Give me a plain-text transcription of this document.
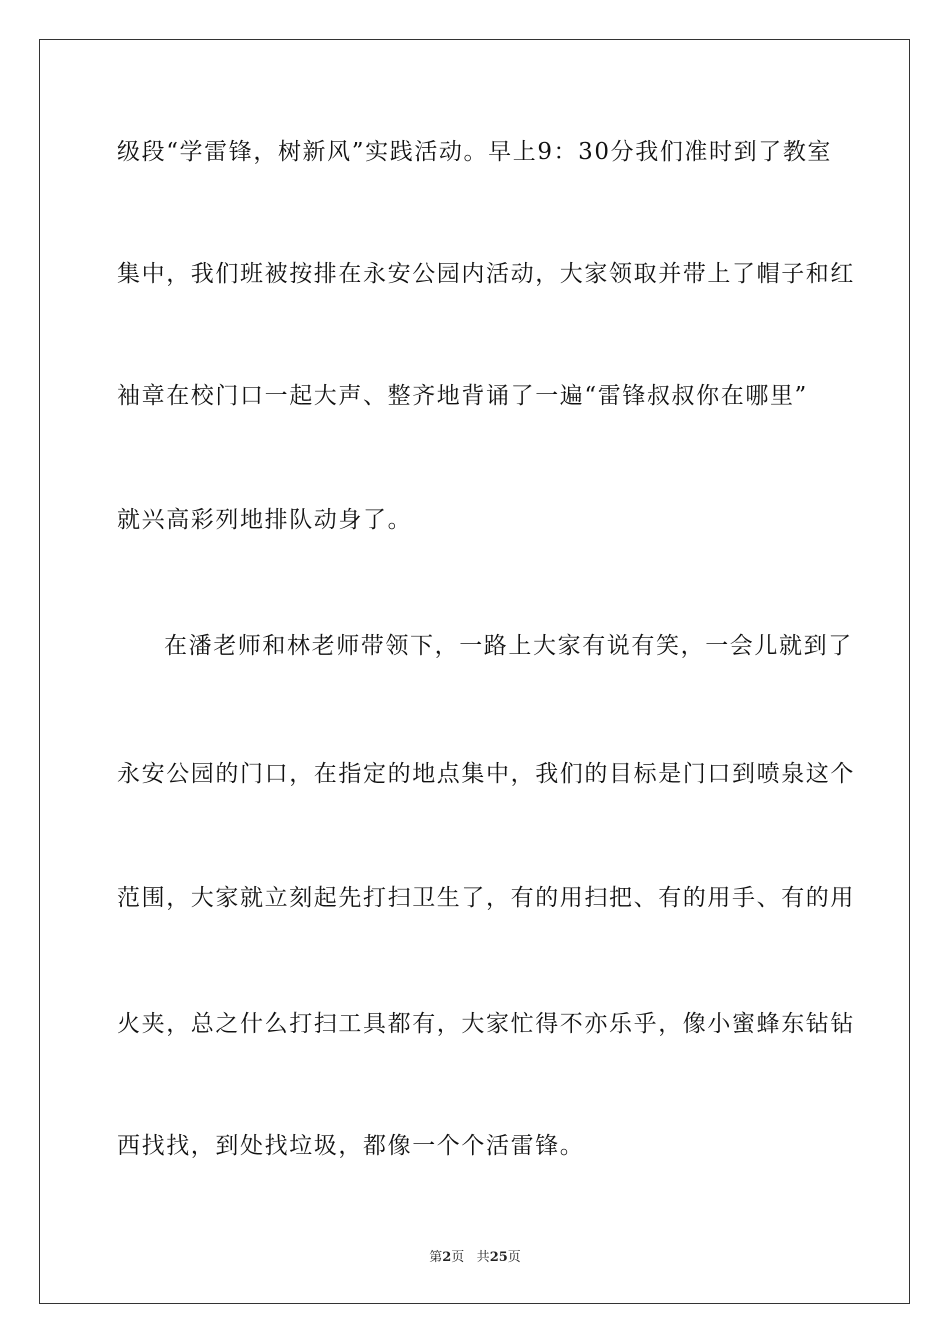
级段“学雷锋，树新风”实践活动。早上9：30分我们准时到了教室
集中，我们班被按排在永安公园内活动，大家领取并带上了帽子和红
袖章在校门口一起大声、整齐地背诵了一遍“雷锋叔叔你在哪里”
就兴高彩列地排队动身了。
在潘老师和林老师带领下，一路上大家有说有笑，一会儿就到了
永安公园的门口，在指定的地点集中，我们的目标是门口到喷泉这个
范围，大家就立刻起先打扫卫生了，有的用扫把、有的用手、有的用
火夹，总之什么打扫工具都有，大家忙得不亦乐乎，像小蜜蜂东钻钻
西找找，到处找垃圾，都像一个个活雷锋。
第2页 共25页
